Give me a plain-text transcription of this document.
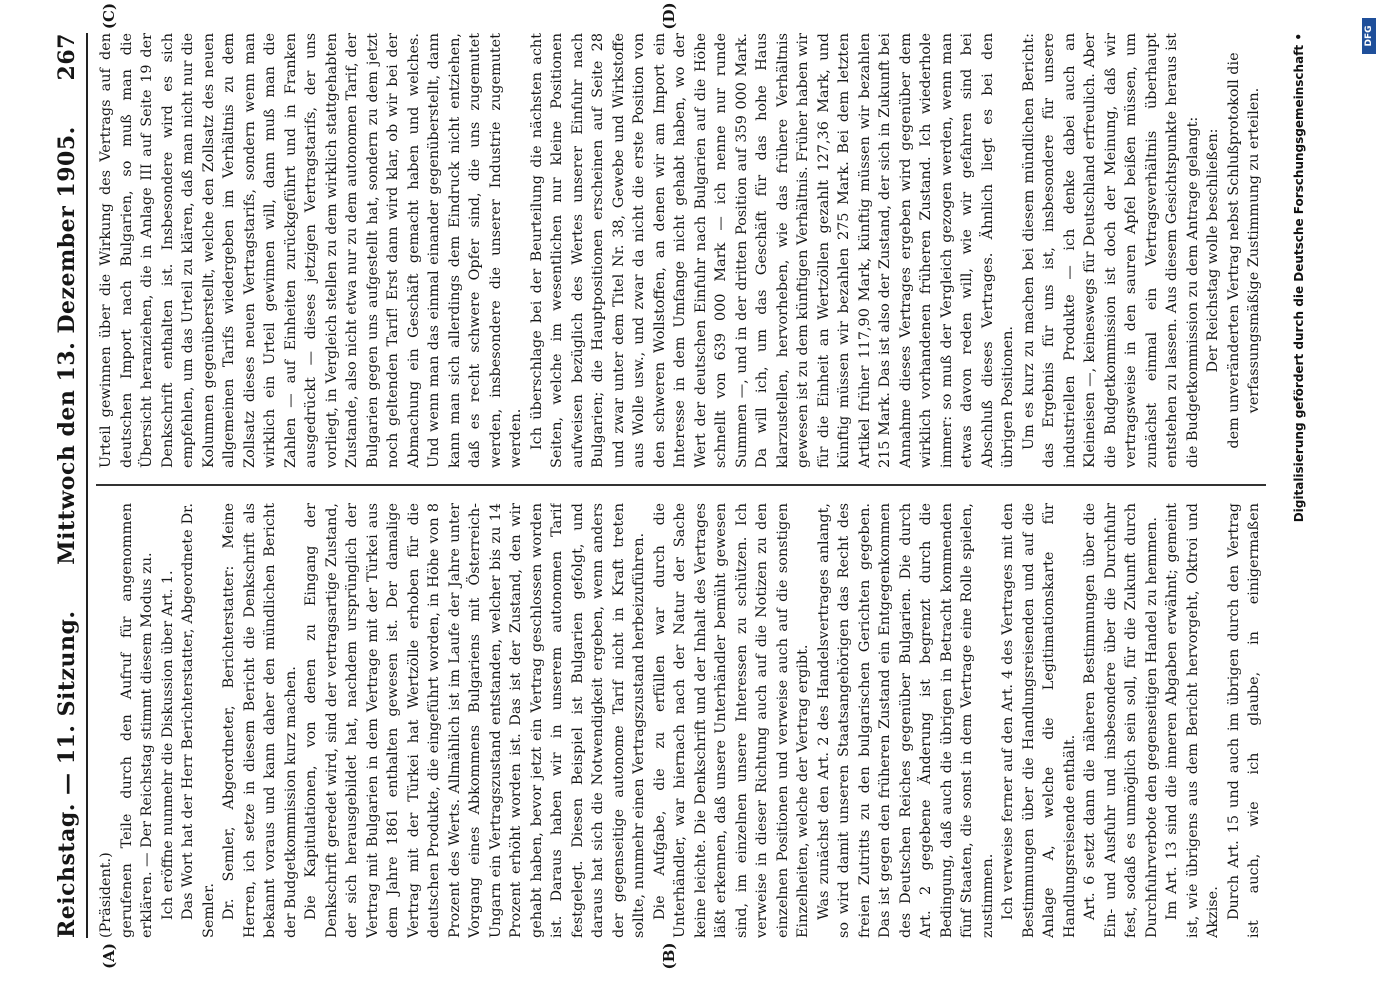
Reichstag. — 11. Sitzung.
Mittwoch den 13. Dezember 1905.
267
(A)	(B)
(C)	(D)

(Präsident.) gerufenen Teile durch den Aufruf für angenommen erklären. — Der Reichstag stimmt diesem Modus zu. Ich eröffne nunmehr die Diskussion über Art. 1. Das Wort hat der Herr Berichterstatter, Abgeordnete Dr. Semler. Dr. Semler, Abgeordneter, Berichterstatter: Meine Herren, ich setze in diesem Bericht die Denkschrift als bekannt voraus und kann daher den mündlichen Bericht der Budgetkommission kurz machen. Die Kapitulationen, von denen zu Eingang der Denkschrift geredet wird, sind der vertragsartige Zustand, der sich herausgebildet hat, nachdem ursprünglich der Vertrag mit Bulgarien in dem Vertrage mit der Türkei aus dem Jahre 1861 enthalten gewesen ist. Der damalige Vertrag mit der Türkei hat Wertzölle erhoben für die deutschen Produkte, die eingeführt worden, in Höhe von 8 Prozent des Werts. Allmählich ist im Laufe der Jahre unter Vorgang eines Abkommens Bulgariens mit Österreich-Ungarn ein Vertragszustand entstanden, welcher bis zu 14 Prozent erhöht worden ist. Das ist der Zustand, den wir gehabt haben, bevor jetzt ein Vertrag geschlossen worden ist. Daraus haben wir in unserem autonomen Tarif festgelegt. Diesen Beispiel ist Bulgarien gefolgt, und daraus hat sich die Notwendigkeit ergeben, wenn anders der gegenseitige autonome Tarif nicht in Kraft treten sollte, nunmehr einen Vertragszustand herbeizuführen. Die Aufgabe, die zu erfüllen war durch die Unterhändler, war hiernach nach der Natur der Sache keine leichte. Die Denkschrift und der Inhalt des Vertrages läßt erkennen, daß unsere Unterhändler bemüht gewesen sind, im einzelnen unsere Interessen zu schützen. Ich verweise in dieser Richtung auch auf die Notizen zu den einzelnen Positionen und verweise auch auf die sonstigen Einzelheiten, welche der Vertrag ergibt. Was zunächst den Art. 2 des Handelsvertrages anlangt, so wird damit unseren Staatsangehörigen das Recht des freien Zutritts zu den bulgarischen Gerichten gegeben. Das ist gegen den früheren Zustand ein Entgegenkommen des Deutschen Reiches gegenüber Bulgarien. Die durch Art. 2 gegebene Änderung ist begrenzt durch die Bedingung, daß auch die übrigen in Betracht kommenden fünf Staaten, die sonst in dem Vertrage eine Rolle spielen, zustimmen. Ich verweise ferner auf den Art. 4 des Vertrages mit den Bestimmungen über die Handlungsreisenden und auf die Anlage A, welche die Legitimationskarte für Handlungsreisende enthält. Art. 6 setzt dann die näheren Bestimmungen über die Ein- und Ausfuhr und insbesondere über die Durchfuhr fest, sodaß es unmöglich sein soll, für die Zukunft durch Durchfuhrverbote den gegenseitigen Handel zu hemmen. Im Art. 13 sind die inneren Abgaben erwähnt; gemeint ist, wie übrigens aus dem Bericht hervorgeht, Oktroi und Akzise. Durch Art. 15 und auch im übrigen durch den Vertrag ist auch, wie ich glaube, in einigermaßen

Urteil gewinnen über die Wirkung des Vertrags auf den deutschen Import nach Bulgarien, so muß man die Übersicht heranziehen, die in Anlage III auf Seite 19 der Denkschrift enthalten ist. Insbesondere wird es sich empfehlen, um das Urteil zu klären, daß man nicht nur die Kolumnen gegenüberstellt, welche den Zollsatz des neuen allgemeinen Tarifs wiedergeben im Verhältnis zu dem Zollsatz dieses neuen Vertragstarifs, sondern wenn man wirklich ein Urteil gewinnen will, dann muß man die Zahlen — auf Einheiten zurückgeführt und in Franken ausgedrückt — dieses jetzigen Vertragstarifs, der uns vorliegt, in Vergleich stellen zu dem wirklich stattgehabten Zustande, also nicht etwa nur zu dem autonomen Tarif, der Bulgarien gegen uns aufgestellt hat, sondern zu dem jetzt noch geltenden Tarif! Erst dann wird klar, ob wir bei der Abmachung ein Geschäft gemacht haben und welches. Und wenn man das einmal einander gegenüberstellt, dann kann man sich allerdings dem Eindruck nicht entziehen, daß es recht schwere Opfer sind, die uns zugemutet werden, insbesondere die unserer Industrie zugemutet werden. Ich überschlage bei der Beurteilung die nächsten acht Seiten, welche im wesentlichen nur kleine Positionen aufweisen bezüglich des Wertes unserer Einfuhr nach Bulgarien; die Hauptpositionen erscheinen auf Seite 28 und zwar unter dem Titel Nr. 38, Gewebe und Wirkstoffe aus Wolle usw., und zwar da nicht die erste Position von den schweren Wollstoffen, an denen wir am Import ein Interesse in dem Umfange nicht gehabt haben, wo der Wert der deutschen Einfuhr nach Bulgarien auf die Höhe schnellt von 639 000 Mark — ich nenne nur runde Summen —, und in der dritten Position auf 359 000 Mark. Da will ich, um das Geschäft für das hohe Haus klarzustellen, hervorheben, wie das frühere Verhältnis gewesen ist zu dem künftigen Verhältnis. Früher haben wir für die Einheit an Wertzöllen gezahlt 127,36 Mark, und künftig müssen wir bezahlen 275 Mark. Bei dem letzten Artikel früher 117,90 Mark, künftig müssen wir bezahlen 215 Mark. Das ist also der Zustand, der sich in Zukunft bei Annahme dieses Vertrages ergeben wird gegenüber dem wirklich vorhandenen früheren Zustand. Ich wiederhole immer: so muß der Vergleich gezogen werden, wenn man etwas davon reden will, wie wir gefahren sind bei Abschluß dieses Vertrages. Ähnlich liegt es bei den übrigen Positionen. Um es kurz zu machen bei diesem mündlichen Bericht: das Ergebnis für uns ist, insbesondere für unsere industriellen Produkte — ich denke dabei auch an Kleineisen —, keineswegs für Deutschland erfreulich. Aber die Budgetkommission ist doch der Meinung, daß wir vertragsweise in den sauren Apfel beißen müssen, um zunächst einmal ein Vertragsverhältnis überhaupt entstehen zu lassen. Aus diesem Gesichtspunkte heraus ist die Budgetkommission zu dem Antrage gelangt: Der Reichstag wolle beschließen: dem unveränderten Vertrag nebst Schlußprotokoll die verfassungsmäßige Zustimmung zu erteilen.	Digitalisierung gefördert durch die Deutsche Forschungsgemeinschaft •	DFG
